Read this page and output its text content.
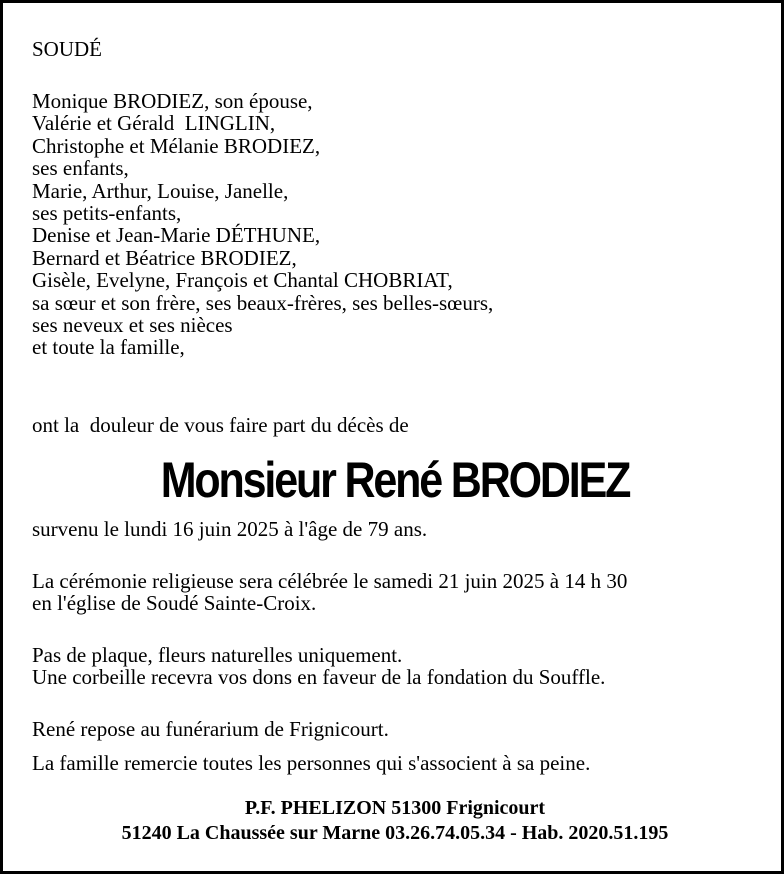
SOUDÉ
Monique BRODIEZ, son épouse,
Valérie et Gérald  LINGLIN,
Christophe et Mélanie BRODIEZ,
ses enfants,
Marie, Arthur, Louise, Janelle,
ses petits-enfants,
Denise et Jean-Marie DÉTHUNE,
Bernard et Béatrice BRODIEZ,
Gisèle, Evelyne, François et Chantal CHOBRIAT,
sa sœur et son frère, ses beaux-frères, ses belles-sœurs,
ses neveux et ses nièces
et toute la famille,
ont la  douleur de vous faire part du décès de
Monsieur René BRODIEZ
survenu le lundi 16 juin 2025 à l'âge de 79 ans.
La cérémonie religieuse sera célébrée le samedi 21 juin 2025 à 14 h 30
en l'église de Soudé Sainte-Croix.
Pas de plaque, fleurs naturelles uniquement.
Une corbeille recevra vos dons en faveur de la fondation du Souffle.
René repose au funérarium de Frignicourt.
La famille remercie toutes les personnes qui s'associent à sa peine.
P.F. PHELIZON 51300 Frignicourt
51240 La Chaussée sur Marne 03.26.74.05.34 - Hab. 2020.51.195
